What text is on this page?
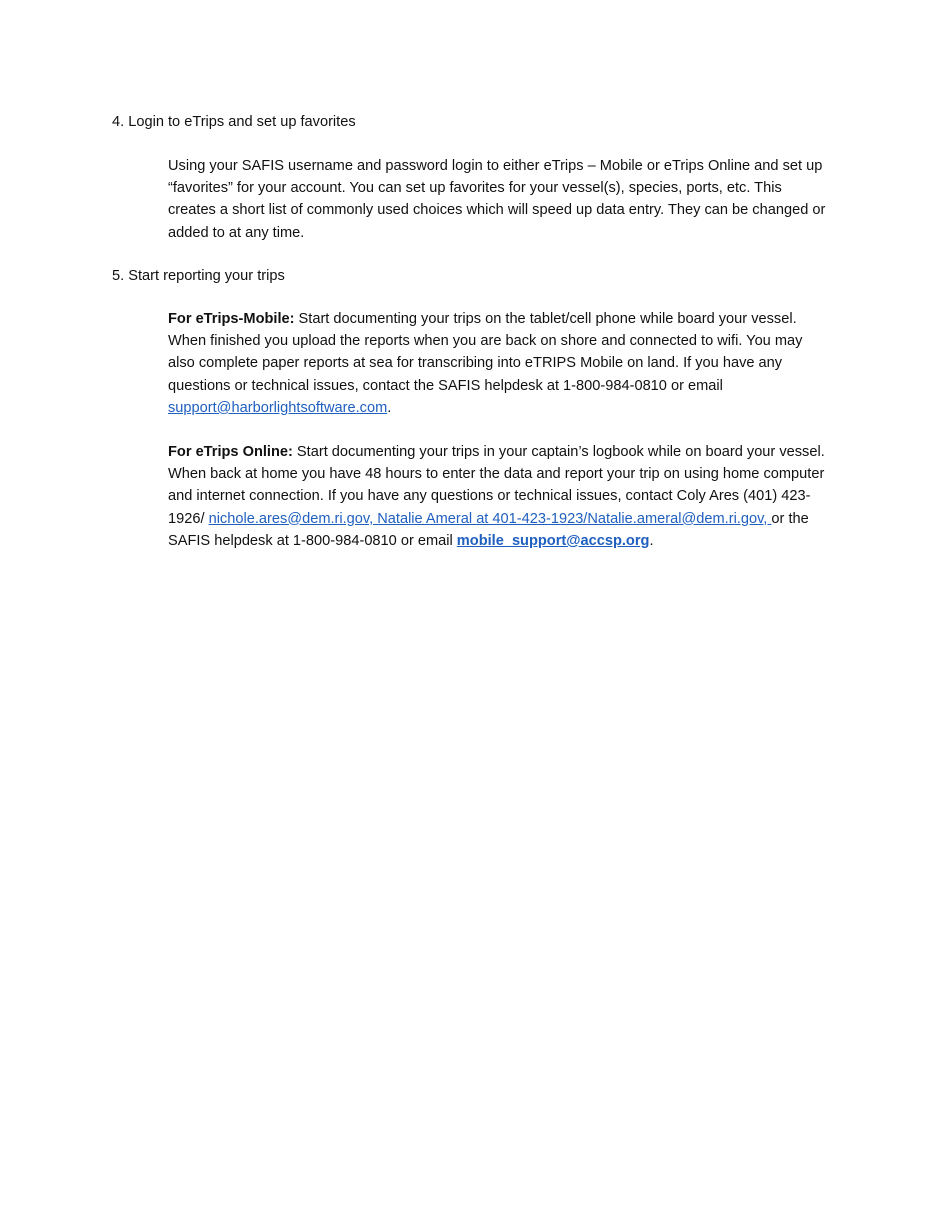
4. Login to eTrips and set up favorites

Using your SAFIS username and password login to either eTrips – Mobile or eTrips Online and set up “favorites” for your account. You can set up favorites for your vessel(s), species, ports, etc. This creates a short list of commonly used choices which will speed up data entry. They can be changed or added to at any time.

5. Start reporting your trips

For eTrips-Mobile: Start documenting your trips on the tablet/cell phone while board your vessel. When finished you upload the reports when you are back on shore and connected to wifi. You may also complete paper reports at sea for transcribing into eTRIPS Mobile on land. If you have any questions or technical issues, contact the SAFIS helpdesk at 1-800-984-0810 or email support@harborlightsoftware.com.

For eTrips Online: Start documenting your trips in your captain’s logbook while on board your vessel. When back at home you have 48 hours to enter the data and report your trip on using home computer and internet connection. If you have any questions or technical issues, contact Coly Ares (401) 423-1926/ nichole.ares@dem.ri.gov, Natalie Ameral at 401-423-1923/Natalie.ameral@dem.ri.gov, or the SAFIS helpdesk at 1-800-984-0810 or email mobile_support@accsp.org.
